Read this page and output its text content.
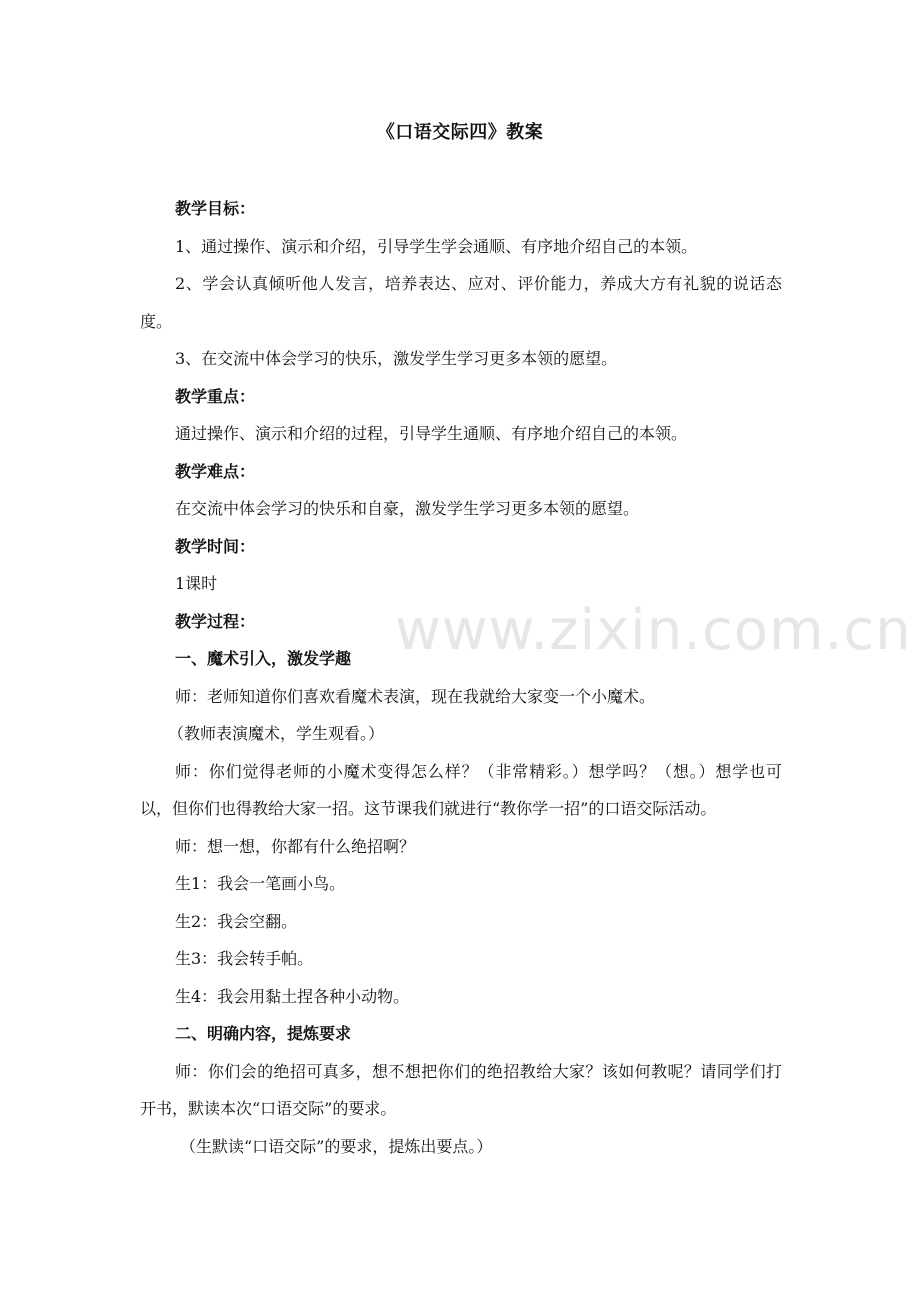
《口语交际四》教案

教学目标：

1、通过操作、演示和介绍，引导学生学会通顺、有序地介绍自己的本领。

2、学会认真倾听他人发言，培养表达、应对、评价能力，养成大方有礼貌的说话态度。

3、在交流中体会学习的快乐，激发学生学习更多本领的愿望。

教学重点：

通过操作、演示和介绍的过程，引导学生通顺、有序地介绍自己的本领。

教学难点：

在交流中体会学习的快乐和自豪，激发学生学习更多本领的愿望。

教学时间：

1课时

教学过程：

一、魔术引入，激发学趣

师：老师知道你们喜欢看魔术表演，现在我就给大家变一个小魔术。

（教师表演魔术，学生观看。）

师：你们觉得老师的小魔术变得怎么样？（非常精彩。）想学吗？（想。）想学也可以，但你们也得教给大家一招。这节课我们就进行“教你学一招”的口语交际活动。

师：想一想，你都有什么绝招啊？

生1：我会一笔画小鸟。

生2：我会空翻。

生3：我会转手帕。

生4：我会用黏土捏各种小动物。

二、明确内容，提炼要求

师：你们会的绝招可真多，想不想把你们的绝招教给大家？该如何教呢？请同学们打开书，默读本次“口语交际”的要求。

（生默读“口语交际”的要求，提炼出要点。）

www.zixin.com.cn
